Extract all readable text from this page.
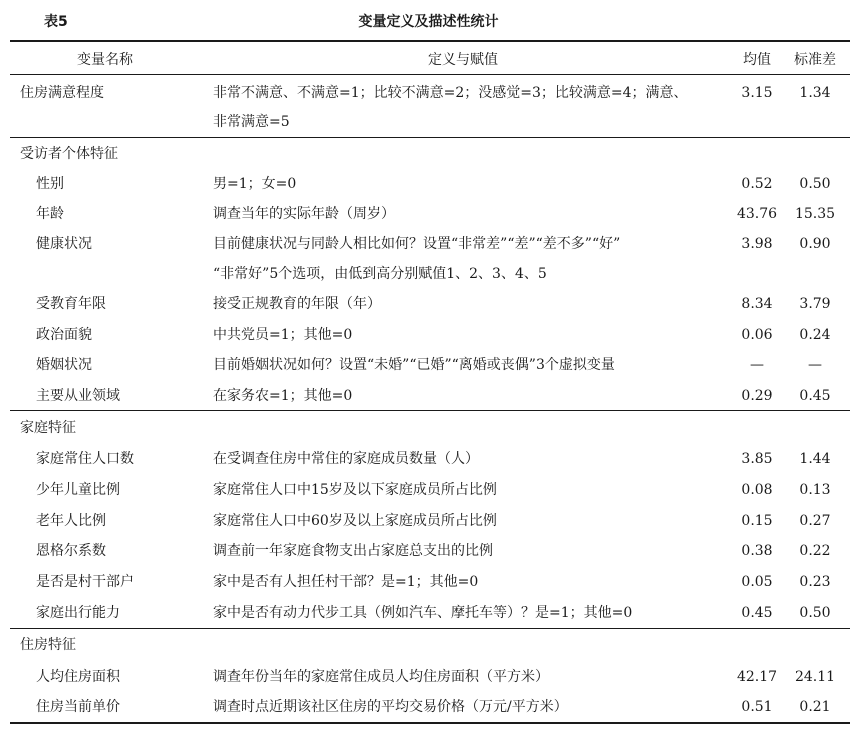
表5	变量定义及描述性统计
变量名称	定义与赋值	均值	标准差
住房满意程度	非常不满意、不满意=1；比较不满意=2；没感觉=3；比较满意=4；满意、
非常满意=5
3.15	1.34
受访者个体特征
性别	男=1；女=0	0.52	0.50
年龄	调查当年的实际年龄（周岁）	43.76	15.35
健康状况	目前健康状况与同龄人相比如何？设置“非常差”“差”“差不多”“好”
“非常好”5个选项，由低到高分别赋值1、2、3、4、5
3.98	0.90
受教育年限	接受正规教育的年限（年）	8.34	3.79
政治面貌	中共党员=1；其他=0	0.06	0.24
婚姻状况	目前婚姻状况如何？设置“未婚”“已婚”“离婚或丧偶”3个虚拟变量	—	—
主要从业领域	在家务农=1；其他=0	0.29	0.45
家庭特征
家庭常住人口数	在受调查住房中常住的家庭成员数量（人）	3.85	1.44
少年儿童比例	家庭常住人口中15岁及以下家庭成员所占比例	0.08	0.13
老年人比例	家庭常住人口中60岁及以上家庭成员所占比例	0.15	0.27
恩格尔系数	调查前一年家庭食物支出占家庭总支出的比例	0.38	0.22
是否是村干部户	家中是否有人担任村干部？是=1；其他=0	0.05	0.23
家庭出行能力	家中是否有动力代步工具（例如汽车、摩托车等）？是=1；其他=0	0.45	0.50
住房特征
人均住房面积	调查年份当年的家庭常住成员人均住房面积（平方米）	42.17	24.11
住房当前单价	调查时点近期该社区住房的平均交易价格（万元/平方米）	0.51	0.21
